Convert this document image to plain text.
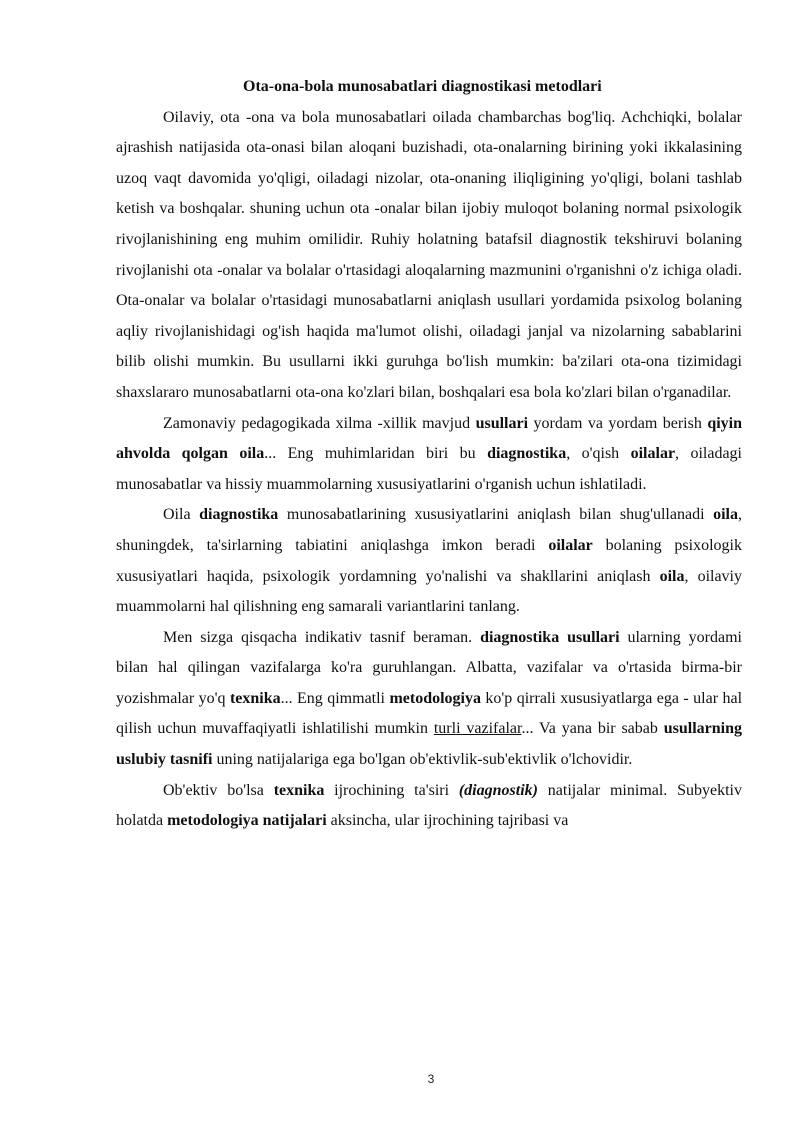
Ota-ona-bola munosabatlari diagnostikasi metodlari

Oilaviy, ota -ona va bola munosabatlari oilada chambarchas bog'liq. Achchiqki, bolalar ajrashish natijasida ota-onasi bilan aloqani buzishadi, ota-onalarning birining yoki ikkalasining uzoq vaqt davomida yo'qligi, oiladagi nizolar, ota-onaning iliqligining yo'qligi, bolani tashlab ketish va boshqalar. shuning uchun ota -onalar bilan ijobiy muloqot bolaning normal psixologik rivojlanishining eng muhim omilidir. Ruhiy holatning batafsil diagnostik tekshiruvi bolaning rivojlanishi ota -onalar va bolalar o'rtasidagi aloqalarning mazmunini o'rganishni o'z ichiga oladi. Ota-onalar va bolalar o'rtasidagi munosabatlarni aniqlash usullari yordamida psixolog bolaning aqliy rivojlanishidagi og'ish haqida ma'lumot olishi, oiladagi janjal va nizolarning sabablarini bilib olishi mumkin. Bu usullarni ikki guruhga bo'lish mumkin: ba'zilari ota-ona tizimidagi shaxslararo munosabatlarni ota-ona ko'zlari bilan, boshqalari esa bola ko'zlari bilan o'rganadilar.

Zamonaviy pedagogikada xilma -xillik mavjud usullari yordam va yordam berish qiyin ahvolda qolgan oila... Eng muhimlaridan biri bu diagnostika, o'qish oilalar, oiladagi munosabatlar va hissiy muammolarning xususiyatlarini o'rganish uchun ishlatiladi.

Oila diagnostika munosabatlarining xususiyatlarini aniqlash bilan shug'ullanadi oila, shuningdek, ta'sirlarning tabiatini aniqlashga imkon beradi oilalar bolaning psixologik xususiyatlari haqida, psixologik yordamning yo'nalishi va shakllarini aniqlash oila, oilaviy muammolarni hal qilishning eng samarali variantlarini tanlang.

Men sizga qisqacha indikativ tasnif beraman. diagnostika usullari ularning yordami bilan hal qilingan vazifalarga ko'ra guruhlangan. Albatta, vazifalar va o'rtasida birma-bir yozishmalar yo'q texnika... Eng qimmatli metodologiya ko'p qirrali xususiyatlarga ega - ular hal qilish uchun muvaffaqiyatli ishlatilishi mumkin turli vazifalar... Va yana bir sabab usullarning uslubiy tasnifi uning natijalariga ega bo'lgan ob'ektivlik-sub'ektivlik o'lchovidir.

Ob'ektiv bo'lsa texnika ijrochining ta'siri (diagnostik) natijalar minimal. Subyektiv holatda metodologiya natijalari aksincha, ular ijrochining tajribasi va

3
